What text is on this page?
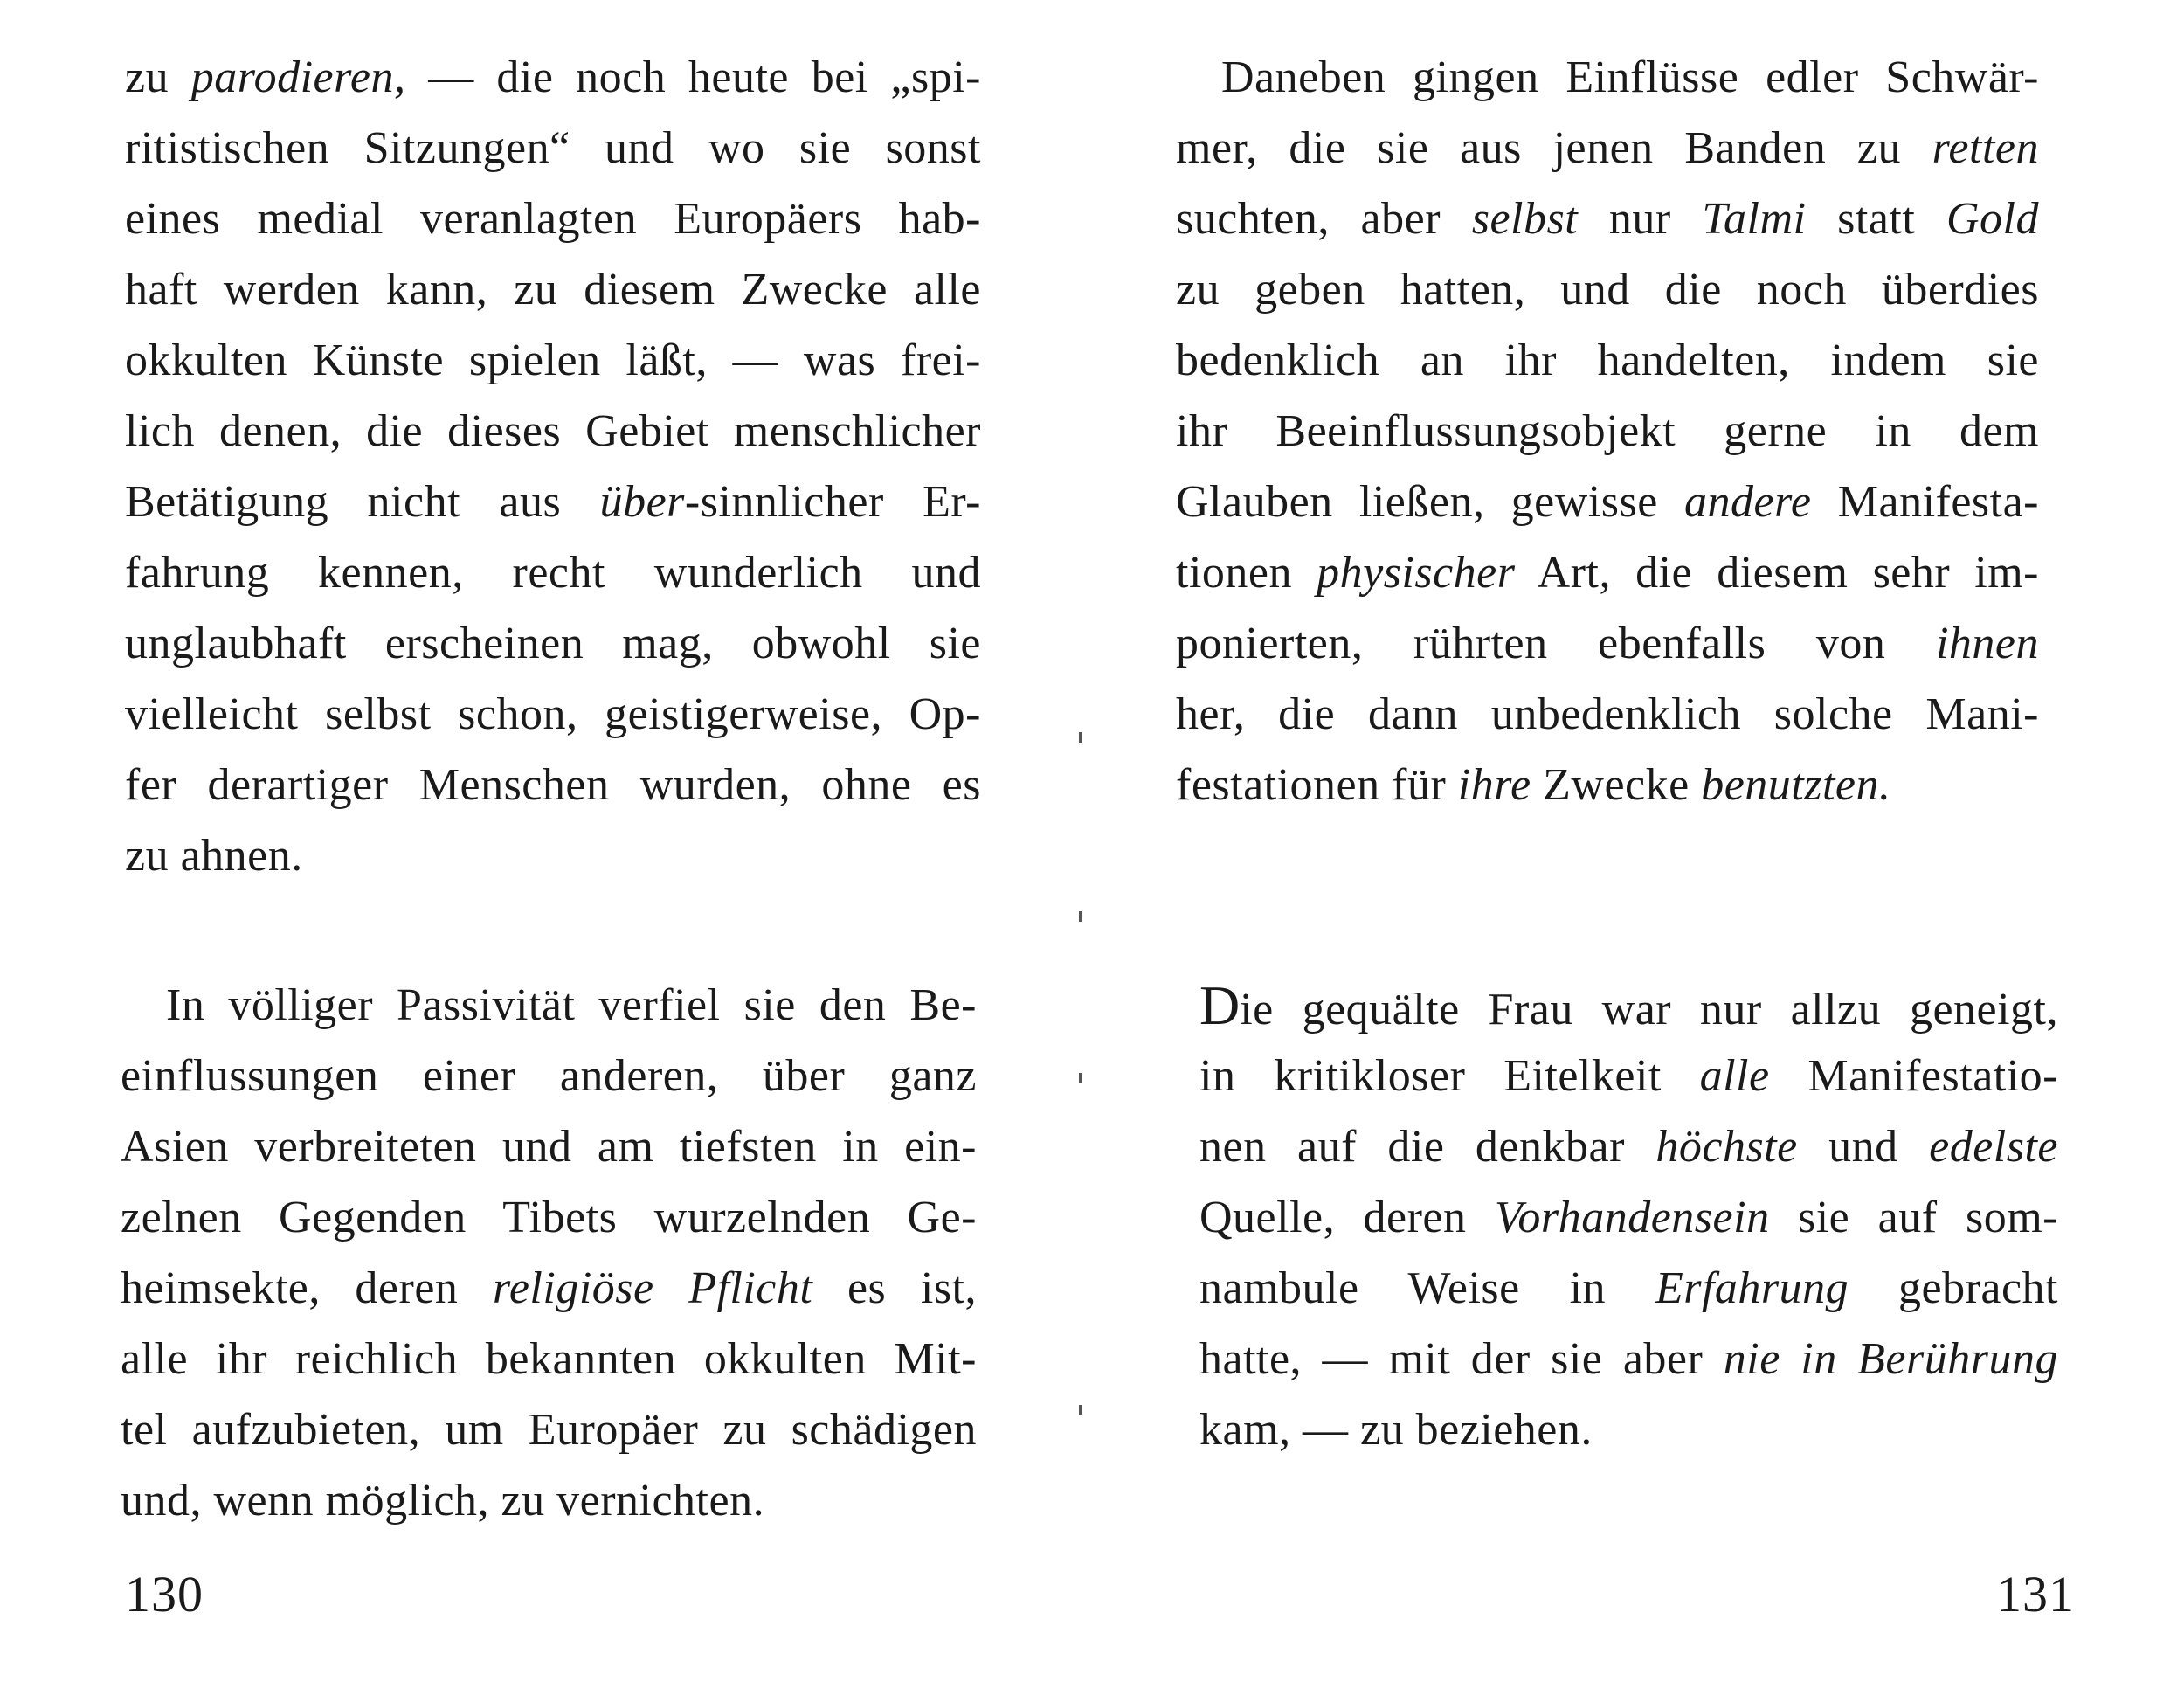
zu parodieren, — die noch heute bei „spi-
ritistischen Sitzungen“ und wo sie sonst
eines medial veranlagten Europäers hab-
haft werden kann, zu diesem Zwecke alle
okkulten Künste spielen läßt, — was frei-
lich denen, die dieses Gebiet menschlicher
Betätigung nicht aus über-sinnlicher Er-
fahrung kennen, recht wunderlich und
unglaubhaft erscheinen mag, obwohl sie
vielleicht selbst schon, geistigerweise, Op-
fer derartiger Menschen wurden, ohne es
zu ahnen.
In völliger Passivität verfiel sie den Be-
einflussungen einer anderen, über ganz
Asien verbreiteten und am tiefsten in ein-
zelnen Gegenden Tibets wurzelnden Ge-
heimsekte, deren religiöse Pflicht es ist,
alle ihr reichlich bekannten okkulten Mit-
tel aufzubieten, um Europäer zu schädigen
und, wenn möglich, zu vernichten.
130
Daneben gingen Einflüsse edler Schwär-
mer, die sie aus jenen Banden zu retten
suchten, aber selbst nur Talmi statt Gold
zu geben hatten, und die noch überdies
bedenklich an ihr handelten, indem sie
ihr Beeinflussungsobjekt gerne in dem
Glauben ließen, gewisse andere Manifesta-
tionen physischer Art, die diesem sehr im-
ponierten, rührten ebenfalls von ihnen
her, die dann unbedenklich solche Mani-
festationen für ihre Zwecke benutzten.
Die gequälte Frau war nur allzu geneigt,
in kritikloser Eitelkeit alle Manifestatio-
nen auf die denkbar höchste und edelste
Quelle, deren Vorhandensein sie auf som-
nambule Weise in Erfahrung gebracht
hatte, — mit der sie aber nie in Berührung
kam, — zu beziehen.
131
